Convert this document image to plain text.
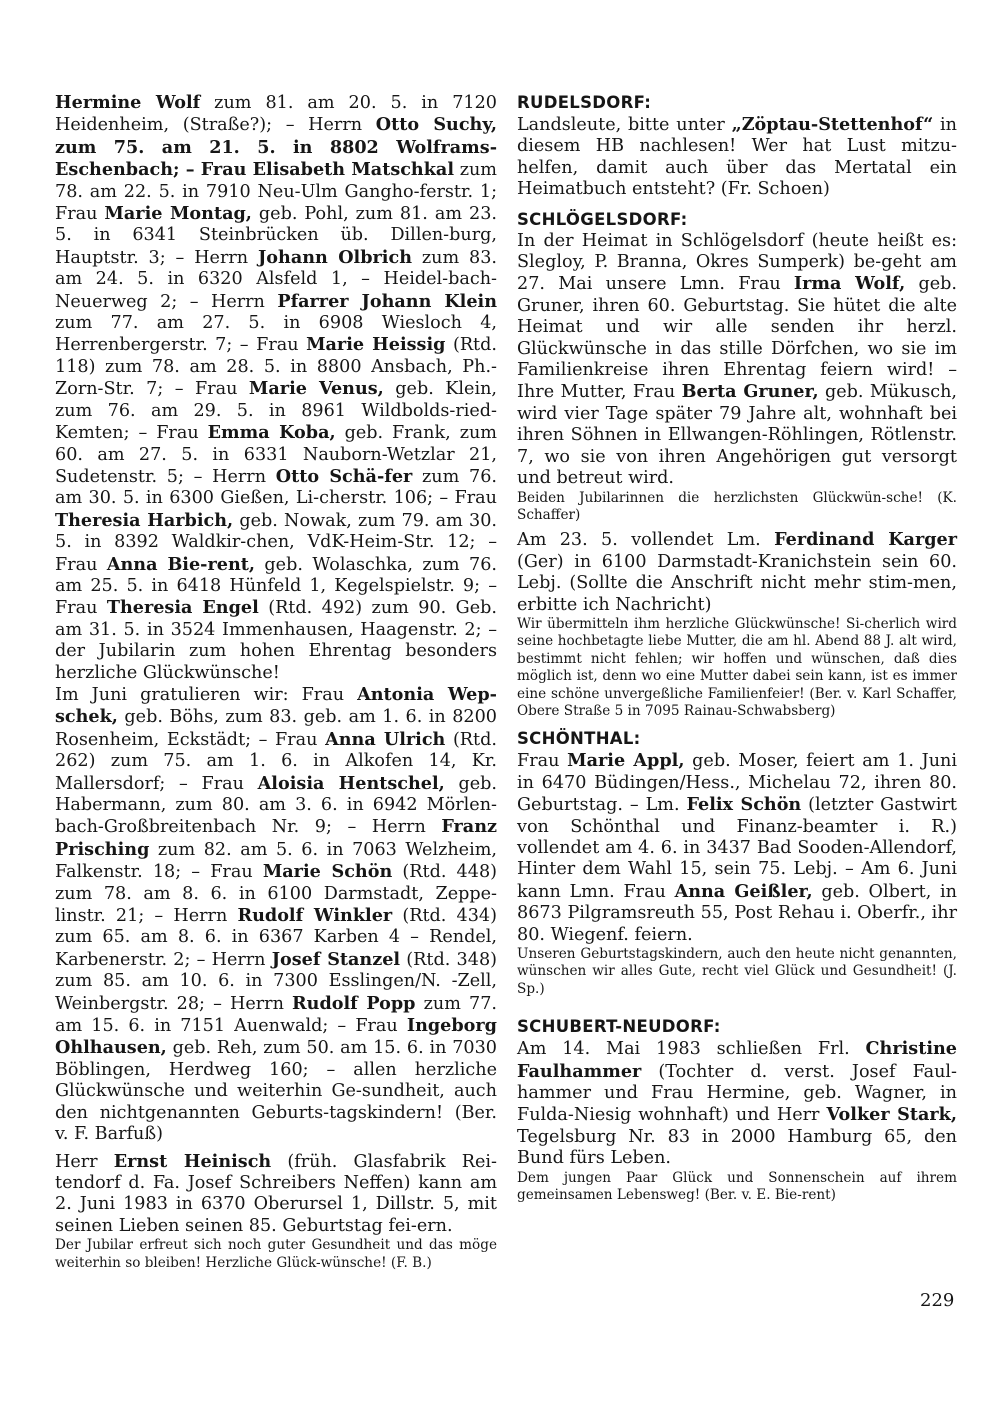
Hermine Wolf zum 81. am 20. 5. in 7120 Heidenheim, (Straße?); – Herrn Otto Suchy, zum 75. am 21. 5. in 8802 Wolframs-Eschenbach; – Frau Elisabeth Matschkal zum 78. am 22. 5. in 7910 Neu-Ulm Gangho-ferstr. 1; Frau Marie Montag, geb. Pohl, zum 81. am 23. 5. in 6341 Steinbrücken üb. Dillen-burg, Hauptstr. 3; – Herrn Johann Olbrich zum 83. am 24. 5. in 6320 Alsfeld 1, – Heidel-bach-Neuerweg 2; – Herrn Pfarrer Johann Klein zum 77. am 27. 5. in 6908 Wiesloch 4, Herrenbergerstr. 7; – Frau Marie Heissig (Rtd. 118) zum 78. am 28. 5. in 8800 Ansbach, Ph.-Zorn-Str. 7; – Frau Marie Venus, geb. Klein, zum 76. am 29. 5. in 8961 Wildbolds-ried-Kemten; – Frau Emma Koba, geb. Frank, zum 60. am 27. 5. in 6331 Nauborn-Wetzlar 21, Sudetenstr. 5; – Herrn Otto Schä-fer zum 76. am 30. 5. in 6300 Gießen, Li-cherstr. 106; – Frau Theresia Harbich, geb. Nowak, zum 79. am 30. 5. in 8392 Waldkir-chen, VdK-Heim-Str. 12; – Frau Anna Bie-rent, geb. Wolaschka, zum 76. am 25. 5. in 6418 Hünfeld 1, Kegelspielstr. 9; – Frau Theresia Engel (Rtd. 492) zum 90. Geb. am 31. 5. in 3524 Immenhausen, Haagenstr. 2; – der Jubilarin zum hohen Ehrentag besonders herzliche Glückwünsche!

Im Juni gratulieren wir: Frau Antonia Wep-schek, geb. Böhs, zum 83. geb. am 1. 6. in 8200 Rosenheim, Eckstädt; – Frau Anna Ulrich (Rtd. 262) zum 75. am 1. 6. in Alkofen 14, Kr. Mallersdorf; – Frau Aloisia Hentschel, geb. Habermann, zum 80. am 3. 6. in 6942 Mörlen-bach-Großbreitenbach Nr. 9; – Herrn Franz Prisching zum 82. am 5. 6. in 7063 Welzheim, Falkenstr. 18; – Frau Marie Schön (Rtd. 448) zum 78. am 8. 6. in 6100 Darmstadt, Zeppe-linstr. 21; – Herrn Rudolf Winkler (Rtd. 434) zum 65. am 8. 6. in 6367 Karben 4 – Rendel, Karbenerstr. 2; – Herrn Josef Stanzel (Rtd. 348) zum 85. am 10. 6. in 7300 Esslingen/N. -Zell, Weinbergstr. 28; – Herrn Rudolf Popp zum 77. am 15. 6. in 7151 Auenwald; – Frau Ingeborg Ohlhausen, geb. Reh, zum 50. am 15. 6. in 7030 Böblingen, Herdweg 160; – allen herzliche Glückwünsche und weiterhin Ge-sundheit, auch den nichtgenannten Geburts-tagskindern! (Ber. v. F. Barfuß)

Herr Ernst Heinisch (früh. Glasfabrik Rei-tendorf d. Fa. Josef Schreibers Neffen) kann am 2. Juni 1983 in 6370 Oberursel 1, Dillstr. 5, mit seinen Lieben seinen 85. Geburtstag fei-ern.

Der Jubilar erfreut sich noch guter Gesundheit und das möge weiterhin so bleiben! Herzliche Glück-wünsche! (F. B.)

RUDELSDORF:

Landsleute, bitte unter „Zöptau-Stettenhof“ in diesem HB nachlesen! Wer hat Lust mitzu-helfen, damit auch über das Mertatal ein Heimatbuch entsteht? (Fr. Schoen)

SCHLÖGELSDORF:

In der Heimat in Schlögelsdorf (heute heißt es: Slegloy, P. Branna, Okres Sumperk) be-geht am 27. Mai unsere Lmn. Frau Irma Wolf, geb. Gruner, ihren 60. Geburtstag. Sie hütet die alte Heimat und wir alle senden ihr herzl. Glückwünsche in das stille Dörfchen, wo sie im Familienkreise ihren Ehrentag feiern wird! – Ihre Mutter, Frau Berta Gruner, geb. Mükusch, wird vier Tage später 79 Jahre alt, wohnhaft bei ihren Söhnen in Ellwangen-Röhlingen, Rötlenstr. 7, wo sie von ihren Angehörigen gut versorgt und betreut wird.

Beiden Jubilarinnen die herzlichsten Glückwün-sche! (K. Schaffer)

Am 23. 5. vollendet Lm. Ferdinand Karger (Ger) in 6100 Darmstadt-Kranichstein sein 60. Lebj. (Sollte die Anschrift nicht mehr stim-men, erbitte ich Nachricht)

Wir übermitteln ihm herzliche Glückwünsche! Si-cherlich wird seine hochbetagte liebe Mutter, die am hl. Abend 88 J. alt wird, bestimmt nicht fehlen; wir hoffen und wünschen, daß dies möglich ist, denn wo eine Mutter dabei sein kann, ist es immer eine schöne unvergeßliche Familienfeier! (Ber. v. Karl Schaffer, Obere Straße 5 in 7095 Rainau-Schwabsberg)

SCHÖNTHAL:

Frau Marie Appl, geb. Moser, feiert am 1. Juni in 6470 Büdingen/Hess., Michelau 72, ihren 80. Geburtstag. – Lm. Felix Schön (letzter Gastwirt von Schönthal und Finanz-beamter i. R.) vollendet am 4. 6. in 3437 Bad Sooden-Allendorf, Hinter dem Wahl 15, sein 75. Lebj. – Am 6. Juni kann Lmn. Frau Anna Geißler, geb. Olbert, in 8673 Pilgramsreuth 55, Post Rehau i. Oberfr., ihr 80. Wiegenf. feiern.

Unseren Geburtstagskindern, auch den heute nicht genannten, wünschen wir alles Gute, recht viel Glück und Gesundheit! (J. Sp.)

SCHUBERT-NEUDORF:

Am 14. Mai 1983 schließen Frl. Christine Faulhammer (Tochter d. verst. Josef Faul-hammer und Frau Hermine, geb. Wagner, in Fulda-Niesig wohnhaft) und Herr Volker Stark, Tegelsburg Nr. 83 in 2000 Hamburg 65, den Bund fürs Leben.

Dem jungen Paar Glück und Sonnenschein auf ihrem gemeinsamen Lebensweg! (Ber. v. E. Bie-rent)

229
